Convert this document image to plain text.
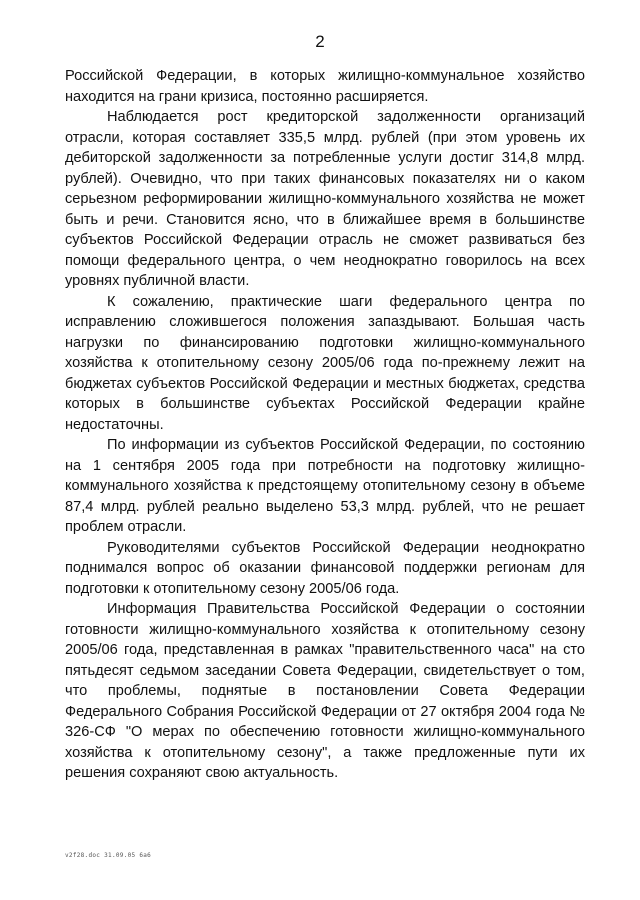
2

Российской Федерации, в которых жилищно-коммунальное хозяйство находится на грани кризиса, постоянно расширяется.

Наблюдается рост кредиторской задолженности организаций отрасли, которая составляет 335,5 млрд. рублей (при этом уровень их дебиторской задолженности за потребленные услуги достиг 314,8 млрд. рублей). Очевидно, что при таких финансовых показателях ни о каком серьезном реформировании жилищно-коммунального хозяйства не может быть и речи. Становится ясно, что в ближайшее время в большинстве субъектов Российской Федерации отрасль не сможет развиваться без помощи федерального центра, о чем неоднократно говорилось на всех уровнях публичной власти.

К сожалению, практические шаги федерального центра по исправлению сложившегося положения запаздывают. Большая часть нагрузки по финансированию подготовки жилищно-коммунального хозяйства к отопительному сезону 2005/06 года по-прежнему лежит на бюджетах субъектов Российской Федерации и местных бюджетах, средства которых в большинстве субъектах Российской Федерации крайне недостаточны.

По информации из субъектов Российской Федерации, по состоянию на 1 сентября 2005 года при потребности на подготовку жилищно-коммунального хозяйства к предстоящему отопительному сезону в объеме 87,4 млрд. рублей реально выделено 53,3 млрд. рублей, что не решает проблем отрасли.

Руководителями субъектов Российской Федерации неоднократно поднимался вопрос об оказании финансовой поддержки регионам для подготовки к отопительному сезону 2005/06 года.

Информация Правительства Российской Федерации о состоянии готовности жилищно-коммунального хозяйства к отопительному сезону 2005/06 года, представленная в рамках "правительственного часа" на сто пятьдесят седьмом заседании Совета Федерации, свидетельствует о том, что проблемы, поднятые в постановлении Совета Федерации Федерального Собрания Российской Федерации от 27 октября 2004 года № 326-СФ "О мерах по обеспечению готовности жилищно-коммунального хозяйства к отопительному сезону", а также предложенные пути их решения сохраняют свою актуальность.

v2f28.doc 31.09.05 6a6
